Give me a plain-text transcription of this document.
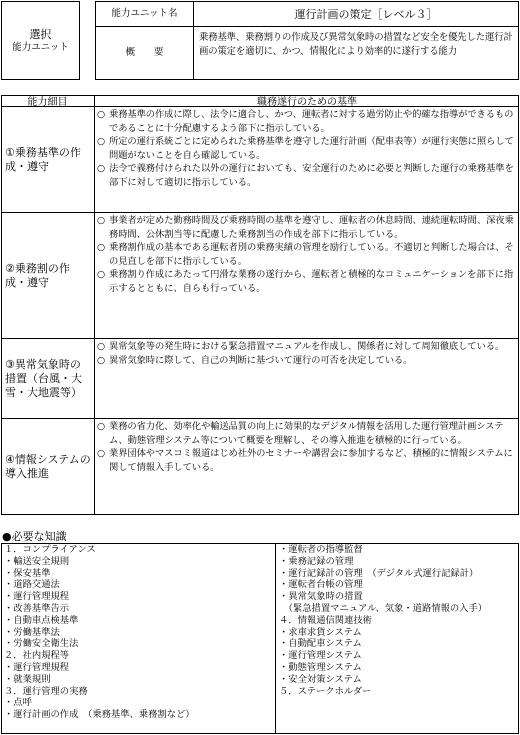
選択
能力ユニット
能力ユニット名	運行計画の策定［レベル３］
概　　要
乗務基準、乗務割りの作成及び異常気象時の措置など安全を優先した運行計画の策定を適切に、かつ、情報化により効率的に遂行する能力
能力細目	職務遂行のための基準
①乗務基準の作成・遵守
○ 乗務基準の作成に際し、法令に適合し、かつ、運転者に対する過労防止や的確な指導ができるものであることに十分配慮するよう部下に指示している。
○ 所定の運行系統ごとに定められた乗務基準を遵守した運行計画（配車表等）が運行実態に照らして問題がないことを自ら確認している。
○ 法令で義務付けられた以外の運行においても、安全運行のために必要と判断した運行の乗務基準を部下に対して適切に指示している。
②乗務割の作成・遵守
○ 事業者が定めた勤務時間及び乗務時間の基準を遵守し、運転者の休息時間、連続運転時間、深夜乗務時間、公休割当等に配慮した乗務割当の作成を部下に指示している。
○ 乗務割作成の基本である運転者別の乗務実績の管理を励行している。不適切と判断した場合は、その見直しを部下に指示している。
○ 乗務割り作成にあたって円滑な業務の遂行から、運転者と積極的なコミュニケーションを部下に指示するとともに、自らも行っている。
③異常気象時の措置（台風・大雪・大地震等）
○ 異常気象等の発生時における緊急措置マニュアルを作成し、関係者に対して周知徹底している。
○ 異常気象時に際して、自己の判断に基づいて運行の可否を決定している。
④情報システムの導入推進
○ 業務の省力化、効率化や輸送品質の向上に効果的なデジタル情報を活用した運行管理計画システム、動態管理システム等について概要を理解し、その導入推進を積極的に行っている。
○ 業界団体やマスコミ報道はじめ社外のセミナーや講習会に参加するなど、積極的に情報システムに関して情報入手している。
●必要な知識
１．コンプライアンス
・輸送安全規則
・保安基準
・道路交通法
・運行管理規程
・改善基準告示
・自動車点検基準
・労働基準法
・労働安全衛生法
２．社内規程等
・運行管理規程
・就業規則
３．運行管理の実務
・点呼
・運行計画の作成　（乗務基準、乗務割など）
・運転者の指導監督
・乗務記録の管理
・運行記録計の管理　（デジタル式運行記録計）
・運転者台帳の管理
・異常気象時の措置
　（緊急措置マニュアル、気象・道路情報の入手）
４．情報通信関連技術
・求車求貨システム
・自動配車システム
・運行管理システム
・動態管理システム
・安全対策システム
５．ステークホルダー
